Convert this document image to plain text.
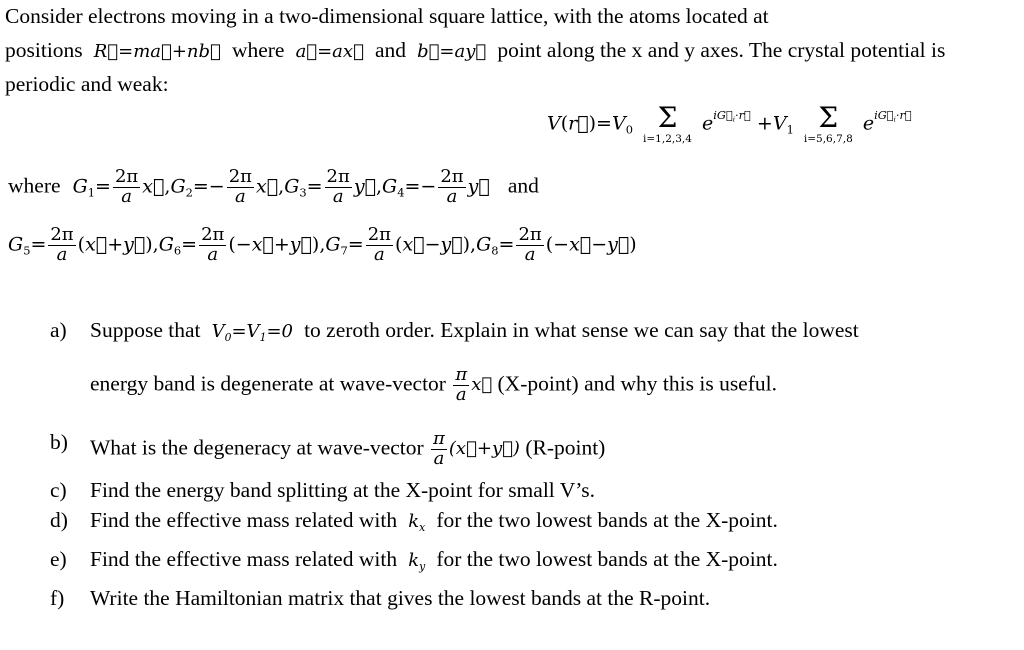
Consider electrons moving in a two-dimensional square lattice, with the atoms located at
positions  R⃗=ma⃗+nb⃗ where  a⃗=ax⃗  and  b⃗=ay⃗  point along the x and y axes. The crystal potential is
periodic and weak:
$V(r⃗)=V_0$ Σ
i=1,2,3,4
$e^{iG⃗_i\cdot r⃗} +V_1$ Σ
i=5,6,7,8
$e^{iG⃗_i\cdot r⃗}$
where  $G_1= \frac{2\pi}{a}$ $x⃗,G_2=- \frac{2\pi}{a}$ $x⃗,G_3= \frac{2\pi}{a}$ $y⃗,G_4=- \frac{2\pi}{a}$ y⃗ and
$G_5= \frac{2\pi}{a}$ $(x⃗+y⃗),G_6= \frac{2\pi}{a}$ $(-x⃗+y⃗),G_7= \frac{2\pi}{a}$ $(x⃗-y⃗),G_8= \frac{2\pi}{a}$ (−x⃗−y⃗)
a)	Suppose that  $V_0=V_1=0$  to zeroth order. Explain in what sense we can say that the lowest
energy band is degenerate at wave-vector $\frac{\pi}{a}$ x⃗ (X-point) and why this is useful.
b)	What is the degeneracy at wave-vector $\frac{\pi}{a}$ (x⃗+y⃗) (R-point)
c)	Find the energy band splitting at the X-point for small V’s.
d)	Find the effective mass related with  $k_x$ for the two lowest bands at the X-point.
e)	Find the effective mass related with  $k_y$ for the two lowest bands at the X-point.
f)	Write the Hamiltonian matrix that gives the lowest bands at the R-point.
